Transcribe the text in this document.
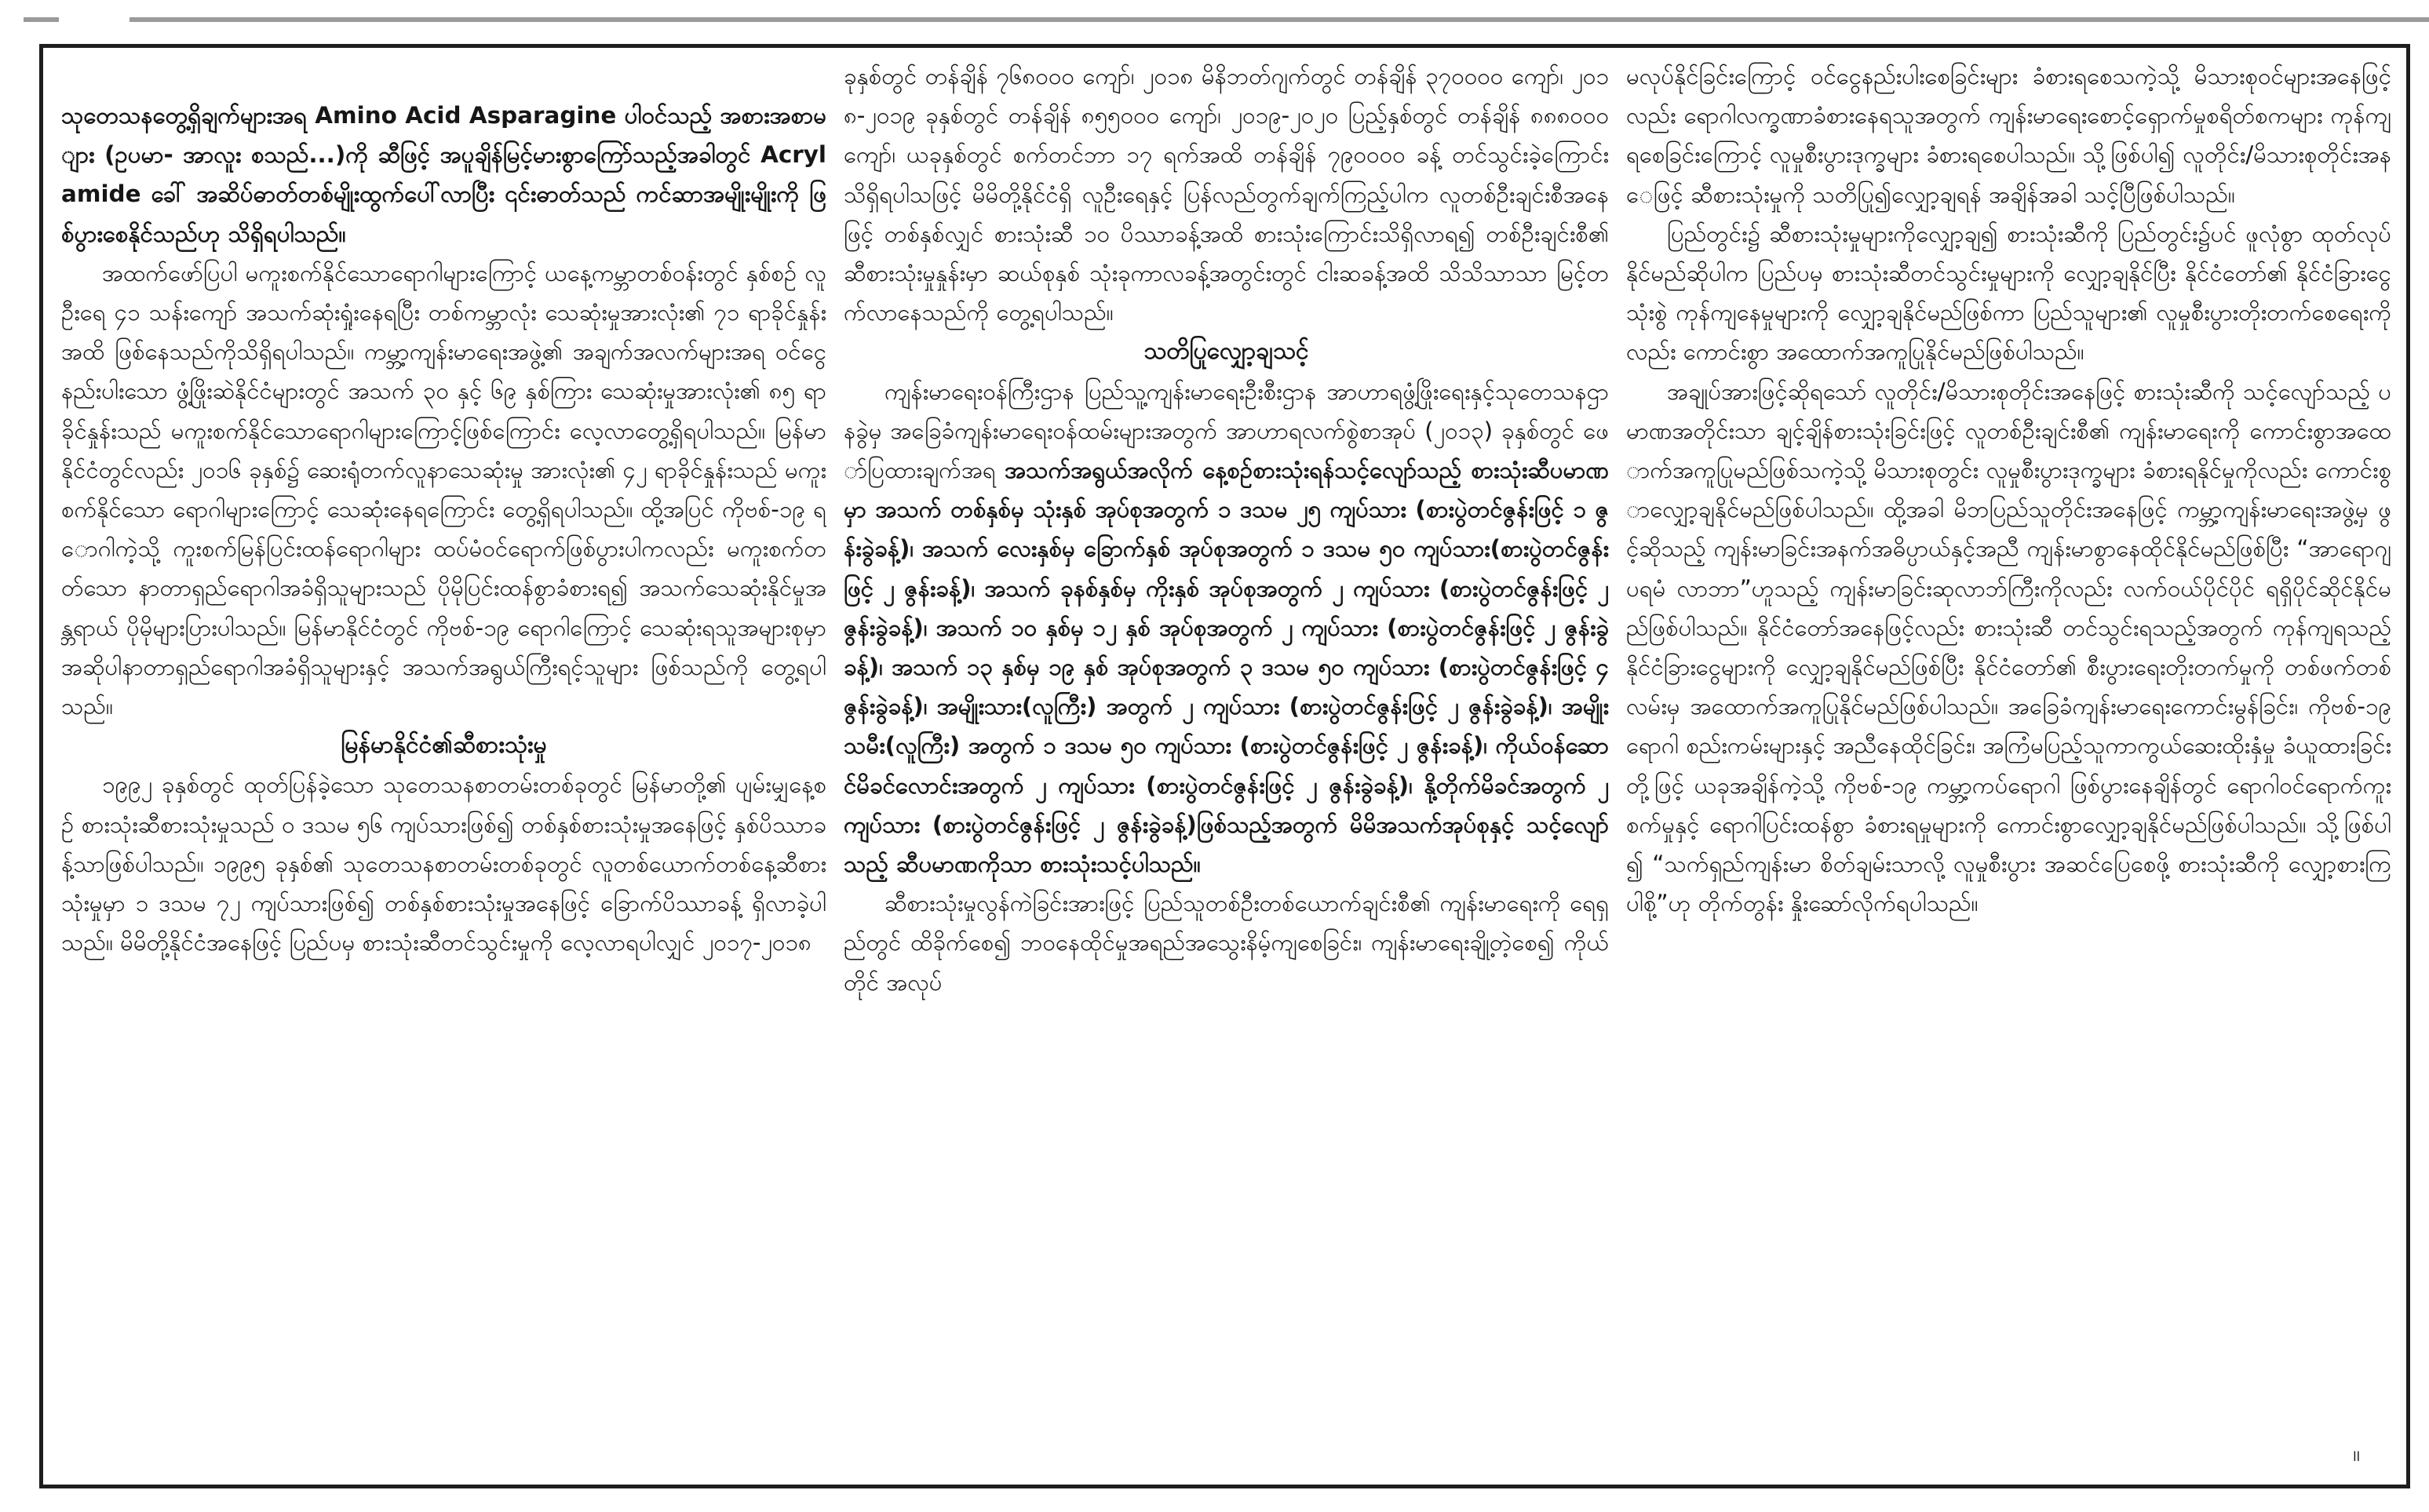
သုတေသနတွေ့ရှိချက်များအရ Amino Acid Asparagine ပါဝင်သည့် အစားအစာများ (ဥပမာ- အာလူး စသည်...)ကို ဆီဖြင့် အပူချိန်မြင့်မားစွာကြော်သည့်အခါတွင် Acrylamide ခေါ် အဆိပ်ဓာတ်တစ်မျိုးထွက်ပေါ်လာပြီး ၎င်းဓာတ်သည် ကင်ဆာအမျိုးမျိုးကို ဖြစ်ပွားစေနိုင်သည်ဟု သိရှိရပါသည်။

အထက်ဖော်ပြပါ မကူးစက်နိုင်သောရောဂါများကြောင့် ယနေ့ကမ္ဘာတစ်ဝန်းတွင် နှစ်စဉ် လူဦးရေ ၄၁ သန်းကျော် အသက်ဆုံးရှုံးနေရပြီး တစ်ကမ္ဘာလုံး သေဆုံးမှုအားလုံး၏ ၇၁ ရာခိုင်နှုန်းအထိ ဖြစ်နေသည်ကိုသိရှိရပါသည်။ ကမ္ဘာ့ကျန်းမာရေးအဖွဲ့၏ အချက်အလက်များအရ ဝင်ငွေနည်းပါးသော ဖွံ့ဖြိုးဆဲနိုင်ငံများတွင် အသက် ၃၀ နှင့် ၆၉ နှစ်ကြား သေဆုံးမှုအားလုံး၏ ၈၅ ရာခိုင်နှုန်းသည် မကူးစက်နိုင်သောရောဂါများကြောင့်ဖြစ်ကြောင်း လေ့လာတွေ့ရှိရပါသည်။ မြန်မာနိုင်ငံတွင်လည်း ၂၀၁၆ ခုနှစ်၌ ဆေးရုံတက်လူနာသေဆုံးမှု အားလုံး၏ ၄၂ ရာခိုင်နှုန်းသည် မကူးစက်နိုင်သော ရောဂါများကြောင့် သေဆုံးနေရကြောင်း တွေ့ရှိရပါသည်။ ထို့အပြင် ကိုဗစ်-၁၉ ရောဂါကဲ့သို့ ကူးစက်မြန်ပြင်းထန်ရောဂါများ ထပ်မံဝင်ရောက်ဖြစ်ပွားပါကလည်း မကူးစက်တတ်သော နာတာရှည်ရောဂါအခံရှိသူများသည် ပိုမိုပြင်းထန်စွာခံစားရ၍ အသက်သေဆုံးနိုင်မှုအန္တရာယ် ပိုမိုများပြားပါသည်။ မြန်မာနိုင်ငံတွင် ကိုဗစ်-၁၉ ရောဂါကြောင့် သေဆုံးရသူအများစုမှာ အဆိုပါနာတာရှည်ရောဂါအခံရှိသူများနှင့် အသက်အရွယ်ကြီးရင့်သူများ ဖြစ်သည်ကို တွေ့ရပါသည်။

မြန်မာနိုင်ငံ၏ဆီစားသုံးမှု

၁၉၉၂ ခုနှစ်တွင် ထုတ်ပြန်ခဲ့သော သုတေသနစာတမ်းတစ်ခုတွင် မြန်မာတို့၏ ပျမ်းမျှနေ့စဉ် စားသုံးဆီစားသုံးမှုသည် ဝ ဒသမ ၅၆ ကျပ်သားဖြစ်၍ တစ်နှစ်စားသုံးမှုအနေဖြင့် နှစ်ပိဿာခန့်သာဖြစ်ပါသည်။ ၁၉၉၅ ခုနှစ်၏ သုတေသနစာတမ်းတစ်ခုတွင် လူတစ်ယောက်တစ်နေ့ဆီစားသုံးမှုမှာ ၁ ဒသမ ၇၂ ကျပ်သားဖြစ်၍ တစ်နှစ်စားသုံးမှုအနေဖြင့် ခြောက်ပိဿာခန့် ရှိလာခဲ့ပါသည်။ မိမိတို့နိုင်ငံအနေဖြင့် ပြည်ပမှ စားသုံးဆီတင်သွင်းမှုကို လေ့လာရပါလျှင် ၂၀၁၇-၂၀၁၈

ခုနှစ်တွင် တန်ချိန် ၇၆၈၀၀၀ ကျော်၊ ၂၀၁၈ မိနိဘတ်ဂျက်တွင် တန်ချိန် ၃၇၀၀၀၀ ကျော်၊ ၂၀၁၈-၂၀၁၉ ခုနှစ်တွင် တန်ချိန် ၈၅၅၀၀၀ ကျော်၊ ၂၀၁၉-၂၀၂၀ ပြည့်နှစ်တွင် တန်ချိန် ၈၈၈၀၀၀ ကျော်၊ ယခုနှစ်တွင် စက်တင်ဘာ ၁၇ ရက်အထိ တန်ချိန် ၇၉၀၀၀၀ ခန့် တင်သွင်းခဲ့ကြောင်း သိရှိရပါသဖြင့် မိမိတို့နိုင်ငံရှိ လူဦးရေနှင့် ပြန်လည်တွက်ချက်ကြည့်ပါက လူတစ်ဦးချင်းစီအနေဖြင့် တစ်နှစ်လျှင် စားသုံးဆီ ၁၀ ပိဿာခန့်အထိ စားသုံးကြောင်းသိရှိလာရ၍ တစ်ဦးချင်းစီ၏ ဆီစားသုံးမှုနှုန်းမှာ ဆယ်စုနှစ် သုံးခုကာလခန့်အတွင်းတွင် ငါးဆခန့်အထိ သိသိသာသာ မြင့်တက်လာနေသည်ကို တွေ့ရပါသည်။

သတိပြုလျှော့ချသင့်

ကျန်းမာရေးဝန်ကြီးဌာန ပြည်သူ့ကျန်းမာရေးဦးစီးဌာန အာဟာရဖွံ့ဖြိုးရေးနှင့်သုတေသနဌာနခွဲမှ အခြေခံကျန်းမာရေးဝန်ထမ်းများအတွက် အာဟာရလက်စွဲစာအုပ် (၂၀၁၃) ခုနှစ်တွင် ဖော်ပြထားချက်အရ အသက်အရွယ်အလိုက် နေ့စဉ်စားသုံးရန်သင့်လျော်သည့် စားသုံးဆီပမာဏမှာ အသက် တစ်နှစ်မှ သုံးနှစ် အုပ်စုအတွက် ၁ ဒသမ ၂၅ ကျပ်သား (စားပွဲတင်ဇွန်းဖြင့် ၁ ဇွန်းခွဲခန့်)၊ အသက် လေးနှစ်မှ ခြောက်နှစ် အုပ်စုအတွက် ၁ ဒသမ ၅၀ ကျပ်သား(စားပွဲတင်ဇွန်းဖြင့် ၂ ဇွန်းခန့်)၊ အသက် ခုနစ်နှစ်မှ ကိုးနှစ် အုပ်စုအတွက် ၂ ကျပ်သား (စားပွဲတင်ဇွန်းဖြင့် ၂ ဇွန်းခွဲခန့်)၊ အသက် ၁၀ နှစ်မှ ၁၂ နှစ် အုပ်စုအတွက် ၂ ကျပ်သား (စားပွဲတင်ဇွန်းဖြင့် ၂ ဇွန်းခွဲခန့်)၊ အသက် ၁၃ နှစ်မှ ၁၉ နှစ် အုပ်စုအတွက် ၃ ဒသမ ၅၀ ကျပ်သား (စားပွဲတင်ဇွန်းဖြင့် ၄ ဇွန်းခွဲခန့်)၊ အမျိုးသား(လူကြီး) အတွက် ၂ ကျပ်သား (စားပွဲတင်ဇွန်းဖြင့် ၂ ဇွန်းခွဲခန့်)၊ အမျိုးသမီး(လူကြီး) အတွက် ၁ ဒသမ ၅၀ ကျပ်သား (စားပွဲတင်ဇွန်းဖြင့် ၂ ဇွန်းခန့်)၊ ကိုယ်ဝန်ဆောင်မိခင်လောင်းအတွက် ၂ ကျပ်သား (စားပွဲတင်ဇွန်းဖြင့် ၂ ဇွန်းခွဲခန့်)၊ နို့တိုက်မိခင်အတွက် ၂ ကျပ်သား (စားပွဲတင်ဇွန်းဖြင့် ၂ ဇွန်းခွဲခန့်)ဖြစ်သည့်အတွက် မိမိအသက်အုပ်စုနှင့် သင့်လျော်သည့် ဆီပမာဏကိုသာ စားသုံးသင့်ပါသည်။

ဆီစားသုံးမှုလွန်ကဲခြင်းအားဖြင့် ပြည်သူတစ်ဦးတစ်ယောက်ချင်းစီ၏ ကျန်းမာရေးကို ရေရှည်တွင် ထိခိုက်စေ၍ ဘဝနေထိုင်မှုအရည်အသွေးနိမ့်ကျစေခြင်း၊ ကျန်းမာရေးချို့တဲ့စေ၍ ကိုယ်တိုင် အလုပ်

မလုပ်နိုင်ခြင်းကြောင့် ဝင်ငွေနည်းပါးစေခြင်းများ ခံစားရစေသကဲ့သို့ မိသားစုဝင်များအနေဖြင့်လည်း ရောဂါလက္ခဏာခံစားနေရသူအတွက် ကျန်းမာရေးစောင့်ရှောက်မှုစရိတ်စကများ ကုန်ကျရစေခြင်းကြောင့် လူမှုစီးပွားဒုက္ခများ ခံစားရစေပါသည်။ သို့ဖြစ်ပါ၍ လူတိုင်း/မိသားစုတိုင်းအနေဖြင့် ဆီစားသုံးမှုကို သတိပြု၍လျှော့ချရန် အချိန်အခါ သင့်ပြီဖြစ်ပါသည်။

ပြည်တွင်း၌ ဆီစားသုံးမှုများကိုလျှော့ချ၍ စားသုံးဆီကို ပြည်တွင်း၌ပင် ဖူလုံစွာ ထုတ်လုပ်နိုင်မည်ဆိုပါက ပြည်ပမှ စားသုံးဆီတင်သွင်းမှုများကို လျှော့ချနိုင်ပြီး နိုင်ငံတော်၏ နိုင်ငံခြားငွေသုံးစွဲ ကုန်ကျနေမှုများကို လျှော့ချနိုင်မည်ဖြစ်ကာ ပြည်သူများ၏ လူမှုစီးပွားတိုးတက်စေရေးကိုလည်း ကောင်းစွာ အထောက်အကူပြုနိုင်မည်ဖြစ်ပါသည်။

အချုပ်အားဖြင့်ဆိုရသော် လူတိုင်း/မိသားစုတိုင်းအနေဖြင့် စားသုံးဆီကို သင့်လျော်သည့် ပမာဏအတိုင်းသာ ချင့်ချိန်စားသုံးခြင်းဖြင့် လူတစ်ဦးချင်းစီ၏ ကျန်းမာရေးကို ကောင်းစွာအထောက်အကူပြုမည်ဖြစ်သကဲ့သို့ မိသားစုတွင်း လူမှုစီးပွားဒုက္ခများ ခံစားရနိုင်မှုကိုလည်း ကောင်းစွာလျှော့ချနိုင်မည်ဖြစ်ပါသည်။ ထို့အခါ မိဘပြည်သူတိုင်းအနေဖြင့် ကမ္ဘာ့ကျန်းမာရေးအဖွဲ့မှ ဖွင့်ဆိုသည့် ကျန်းမာခြင်းအနက်အဓိပ္ပာယ်နှင့်အညီ ကျန်းမာစွာနေထိုင်နိုင်မည်ဖြစ်ပြီး “အာရောဂျ ပရမံ လာဘာ”ဟူသည့် ကျန်းမာခြင်းဆုလာဘ်ကြီးကိုလည်း လက်ဝယ်ပိုင်ပိုင် ရရှိပိုင်ဆိုင်နိုင်မည်ဖြစ်ပါသည်။ နိုင်ငံတော်အနေဖြင့်လည်း စားသုံးဆီ တင်သွင်းရသည့်အတွက် ကုန်ကျရသည့် နိုင်ငံခြားငွေများကို လျှော့ချနိုင်မည်ဖြစ်ပြီး နိုင်ငံတော်၏ စီးပွားရေးတိုးတက်မှုကို တစ်ဖက်တစ်လမ်းမှ အထောက်အကူပြုနိုင်မည်ဖြစ်ပါသည်။ အခြေခံကျန်းမာရေးကောင်းမွန်ခြင်း၊ ကိုဗစ်-၁၉ ရောဂါ စည်းကမ်းများနှင့် အညီနေထိုင်ခြင်း၊ အကြံမပြည့်သူကာကွယ်ဆေးထိုးနှံမှု ခံယူထားခြင်းတို့ဖြင့် ယခုအချိန်ကဲ့သို့ ကိုဗစ်-၁၉ ကမ္ဘာ့ကပ်ရောဂါ ဖြစ်ပွားနေချိန်တွင် ရောဂါဝင်ရောက်ကူးစက်မှုနှင့် ရောဂါပြင်းထန်စွာ ခံစားရမှုများကို ကောင်းစွာလျှော့ချနိုင်မည်ဖြစ်ပါသည်။ သို့ဖြစ်ပါ၍ “သက်ရှည်ကျန်းမာ စိတ်ချမ်းသာလို့ လူမှုစီးပွား အဆင်ပြေစေဖို့ စားသုံးဆီကို လျှော့စားကြပါစို့”ဟု တိုက်တွန်း နှိုးဆော်လိုက်ရပါသည်။

။
